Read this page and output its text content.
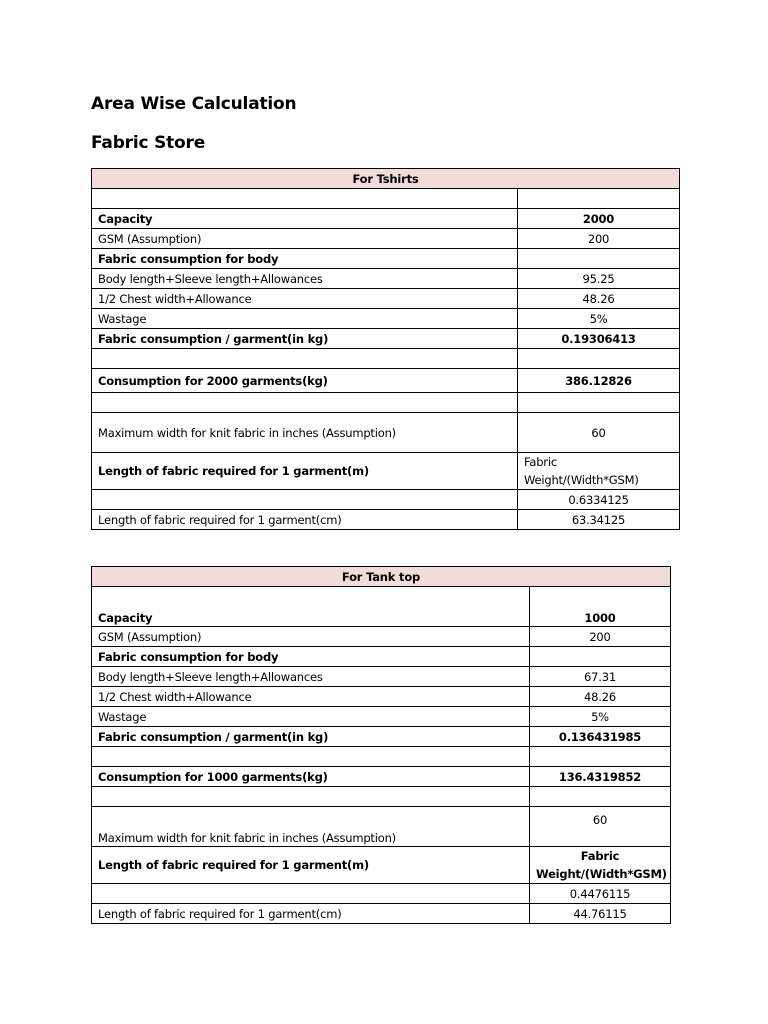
Area Wise Calculation
Fabric Store
For Tshirts	

Capacity	2000
GSM (Assumption)	200
Fabric consumption for body	
Body length+Sleeve length+Allowances	95.25
1/2 Chest width+Allowance	48.26
Wastage	5%
Fabric consumption / garment(in kg)	0.19306413

Consumption for 2000 garments(kg)	386.12826

Maximum width for knit fabric in inches (Assumption)	60
Length of fabric required for 1 garment(m)	Fabric Weight/(Width*GSM)
	0.6334125
Length of fabric required for 1 garment(cm)	63.34125
For Tank top	
Capacity	1000
GSM (Assumption)	200
Fabric consumption for body	
Body length+Sleeve length+Allowances	67.31
1/2 Chest width+Allowance	48.26
Wastage	5%
Fabric consumption / garment(in kg)	0.136431985

Consumption for 1000 garments(kg)	136.4319852

Maximum width for knit fabric in inches (Assumption)	60
Length of fabric required for 1 garment(m)	Fabric Weight/(Width*GSM)
	0.4476115
Length of fabric required for 1 garment(cm)	44.76115
